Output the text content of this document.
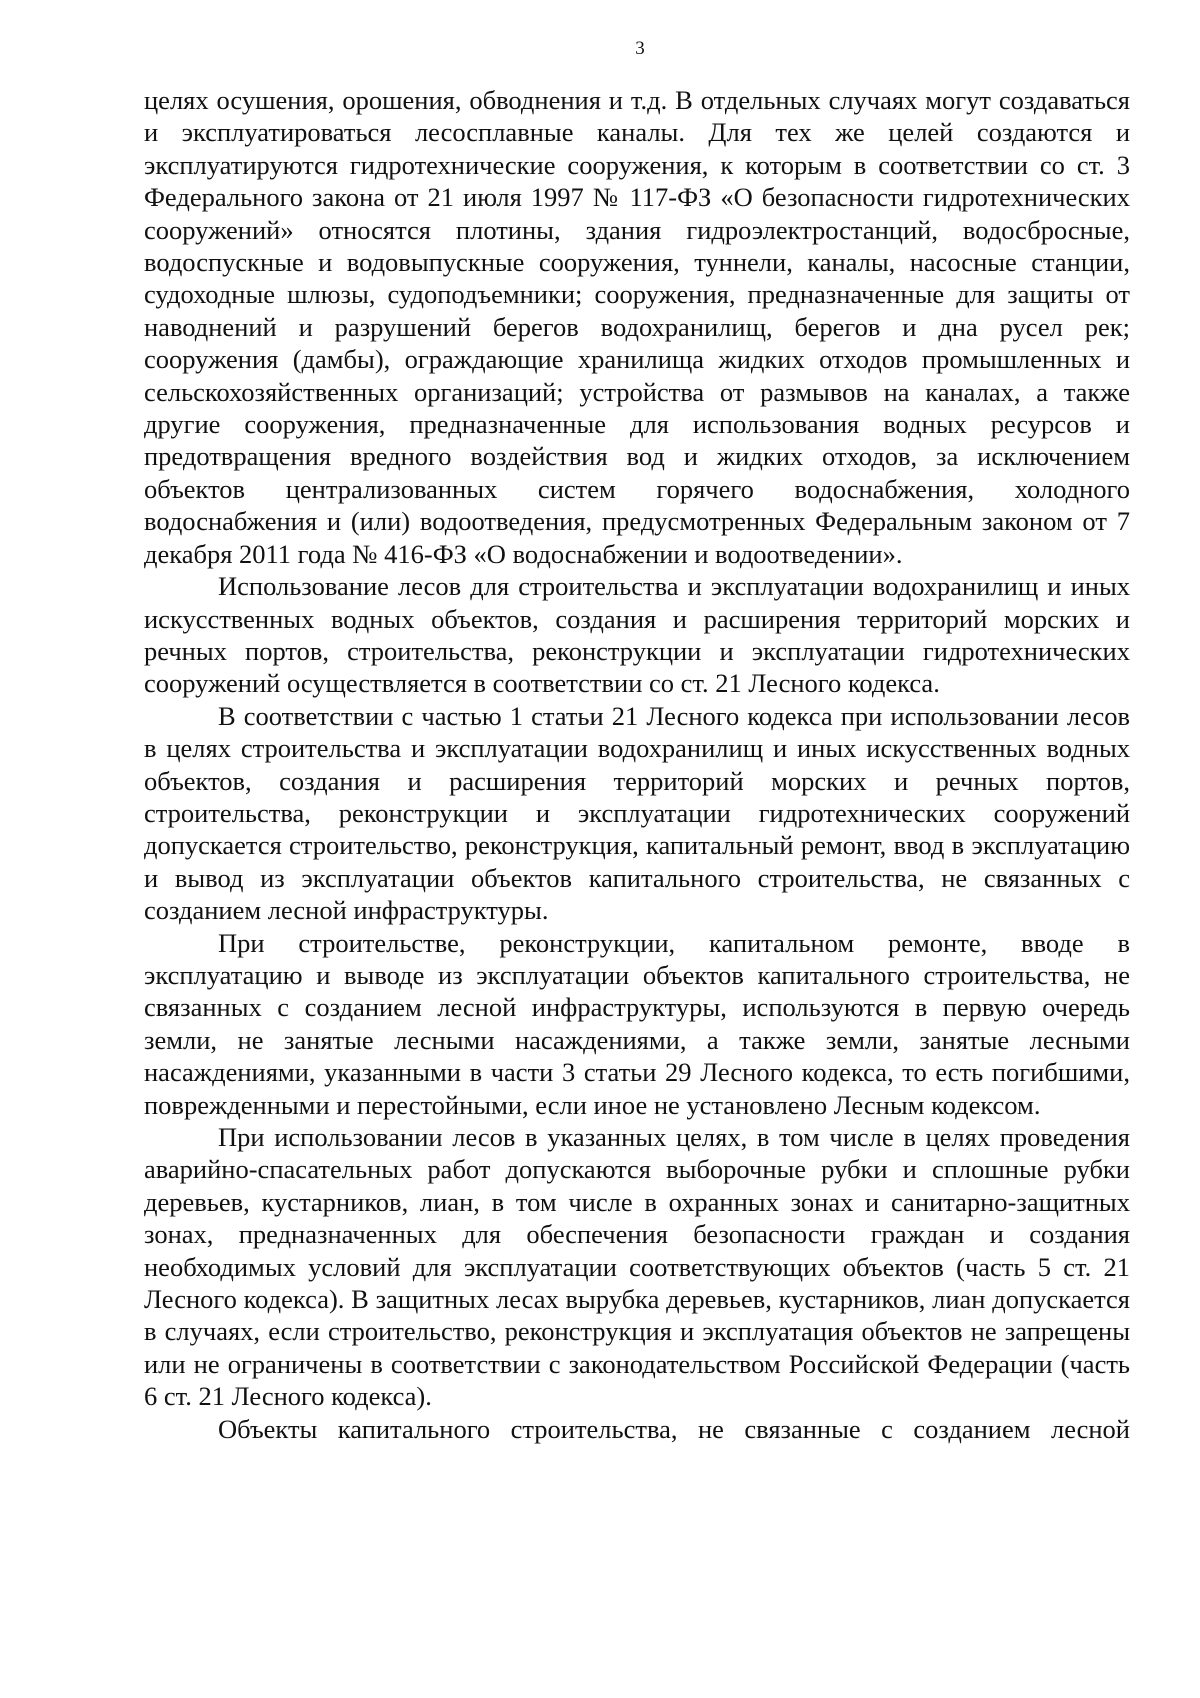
3

целях осушения, орошения, обводнения и т.д. В отдельных случаях могут создаваться и эксплуатироваться лесосплавные каналы. Для тех же целей создаются и эксплуатируются гидротехнические сооружения, к которым в соответствии со ст. 3 Федерального закона от 21 июля 1997 № 117-ФЗ «О безопасности гидротехнических сооружений» относятся плотины, здания гидроэлектростанций, водосбросные, водоспускные и водовыпускные сооружения, туннели, каналы, насосные станции, судоходные шлюзы, судоподъемники; сооружения, предназначенные для защиты от наводнений и разрушений берегов водохранилищ, берегов и дна русел рек; сооружения (дамбы), ограждающие хранилища жидких отходов промышленных и сельскохозяйственных организаций; устройства от размывов на каналах, а также другие сооружения, предназначенные для использования водных ресурсов и предотвращения вредного воздействия вод и жидких отходов, за исключением объектов централизованных систем горячего водоснабжения, холодного водоснабжения и (или) водоотведения, предусмотренных Федеральным законом от 7 декабря 2011 года № 416-ФЗ «О водоснабжении и водоотведении».

Использование лесов для строительства и эксплуатации водохранилищ и иных искусственных водных объектов, создания и расширения территорий морских и речных портов, строительства, реконструкции и эксплуатации гидротехнических сооружений осуществляется в соответствии со ст. 21 Лесного кодекса.

В соответствии с частью 1 статьи 21 Лесного кодекса при использовании лесов в целях строительства и эксплуатации водохранилищ и иных искусственных водных объектов, создания и расширения территорий морских и речных портов, строительства, реконструкции и эксплуатации гидротехнических сооружений допускается строительство, реконструкция, капитальный ремонт, ввод в эксплуатацию и вывод из эксплуатации объектов капитального строительства, не связанных с созданием лесной инфраструктуры.

При строительстве, реконструкции, капитальном ремонте, вводе в эксплуатацию и выводе из эксплуатации объектов капитального строительства, не связанных с созданием лесной инфраструктуры, используются в первую очередь земли, не занятые лесными насаждениями, а также земли, занятые лесными насаждениями, указанными в части 3 статьи 29 Лесного кодекса, то есть погибшими, поврежденными и перестойными, если иное не установлено Лесным кодексом.

При использовании лесов в указанных целях, в том числе в целях проведения аварийно-спасательных работ допускаются выборочные рубки и сплошные рубки деревьев, кустарников, лиан, в том числе в охранных зонах и санитарно-защитных зонах, предназначенных для обеспечения безопасности граждан и создания необходимых условий для эксплуатации соответствующих объектов (часть 5 ст. 21 Лесного кодекса). В защитных лесах вырубка деревьев, кустарников, лиан допускается в случаях, если строительство, реконструкция и эксплуатация объектов не запрещены или не ограничены в соответствии с законодательством Российской Федерации (часть 6 ст. 21 Лесного кодекса).

Объекты капитального строительства, не связанные с созданием лесной
